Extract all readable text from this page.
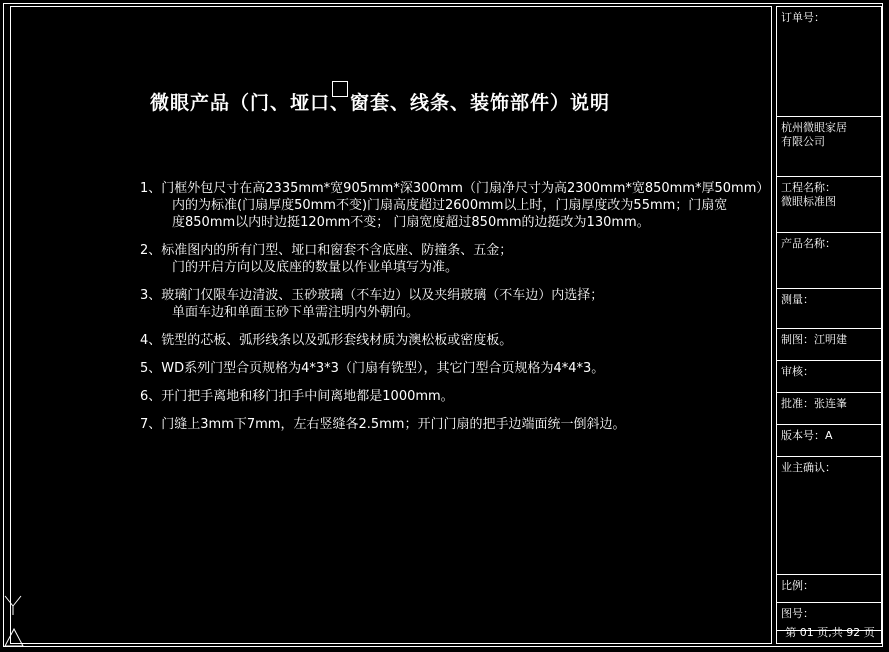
微眼产品（门、垭口、窗套、线条、装饰部件）说明
1、门框外包尺寸在高2335mm*宽905mm*深300mm（门扇净尺寸为高2300mm*宽850mm*厚50mm）
内的为标准(门扇厚度50mm不变)门扇高度超过2600mm以上时，门扇厚度改为55mm；门扇宽
度850mm以内时边挺120mm不变； 门扇宽度超过850mm的边挺改为130mm。
2、标准图内的所有门型、垭口和窗套不含底座、防撞条、五金；
门的开启方向以及底座的数量以作业单填写为准。
3、玻璃门仅限车边清波、玉砂玻璃（不车边）以及夹绢玻璃（不车边）内选择；
单面车边和单面玉砂下单需注明内外朝向。
4、铣型的芯板、弧形线条以及弧形套线材质为澳松板或密度板。
5、WD系列门型合页规格为4*3*3（门扇有铣型），其它门型合页规格为4*4*3。
6、开门把手离地和移门扣手中间离地都是1000mm。
7、门缝上3mm下7mm，左右竖缝各2.5mm；开门门扇的把手边端面统一倒斜边。
订单号：
杭州微眼家居
有限公司
工程名称：
微眼标准图
产品名称：
测量：
制图：江明建
审核：
批准：张连峯
版本号：A
业主确认：
比例：
图号：
第 01 页,共 92 页
